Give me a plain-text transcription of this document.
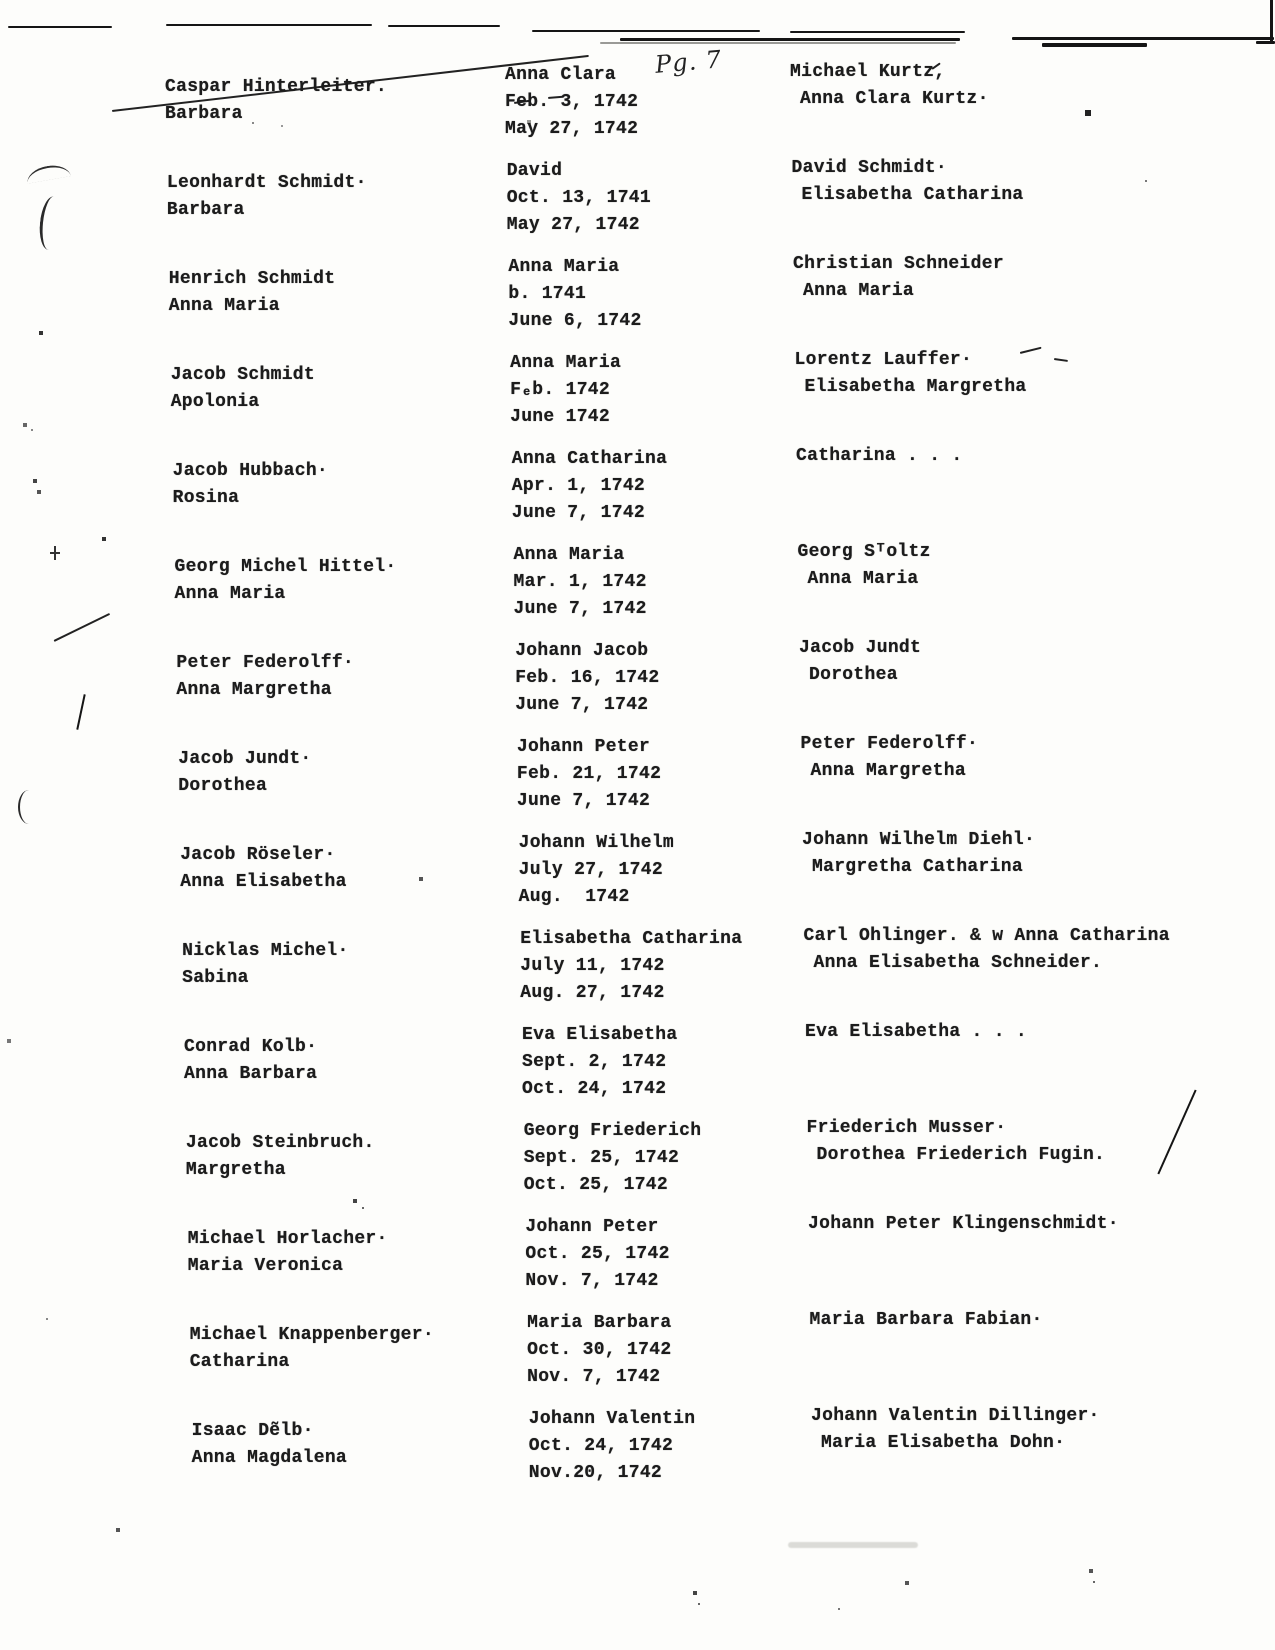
Pg. 7
Caspar Hinterleiter.
Barbara
Anna Clara
Feb. 3, 1742
May 27, 1742
Michael Kurtz,
Anna Clara Kurtz·
Leonhardt Schmidt·
Barbara
David
Oct. 13, 1741
May 27, 1742
David Schmidt·
Elisabetha Catharina
Henrich Schmidt
Anna Maria
Anna Maria
b. 1741
June 6, 1742
Christian Schneider
Anna Maria
Jacob Schmidt
Apolonia
Anna Maria
Fₑb. 1742
June 1742
Lorentz Lauffer·
Elisabetha Margretha
Jacob Hubbach·
Rosina
Anna Catharina
Apr. 1, 1742
June 7, 1742
Catharina . . .
Georg Michel Hittel·
Anna Maria
Anna Maria
Mar. 1, 1742
June 7, 1742
Georg Sᵀoltz
Anna Maria
Peter Federolff·
Anna Margretha
Johann Jacob
Feb. 16, 1742
June 7, 1742
Jacob Jundt
Dorothea
Jacob Jundt·
Dorothea
Johann Peter
Feb. 21, 1742
June 7, 1742
Peter Federolff·
Anna Margretha
Jacob Röseler·
Anna Elisabetha
Johann Wilhelm
July 27, 1742
Aug.  1742
Johann Wilhelm Diehl·
Margretha Catharina
Nicklas Michel·
Sabina
Elisabetha Catharina
July 11, 1742
Aug. 27, 1742
Carl Ohlinger. & w Anna Catharina
Anna Elisabetha Schneider.
Conrad Kolb·
Anna Barbara
Eva Elisabetha
Sept. 2, 1742
Oct. 24, 1742
Eva Elisabetha . . .
Jacob Steinbruch.
Margretha
Georg Friederich
Sept. 25, 1742
Oct. 25, 1742
Friederich Musser·
Dorothea Friederich Fugin.
Michael Horlacher·
Maria Veronica
Johann Peter
Oct. 25, 1742
Nov. 7, 1742
Johann Peter Klingenschmidt·
Michael Knappenberger·
Catharina
Maria Barbara
Oct. 30, 1742
Nov. 7, 1742
Maria Barbara Fabian·
Isaac Dẽlb·
Anna Magdalena
Johann Valentin
Oct. 24, 1742
Nov.20, 1742
Johann Valentin Dillinger·
Maria Elisabetha Dohn·
